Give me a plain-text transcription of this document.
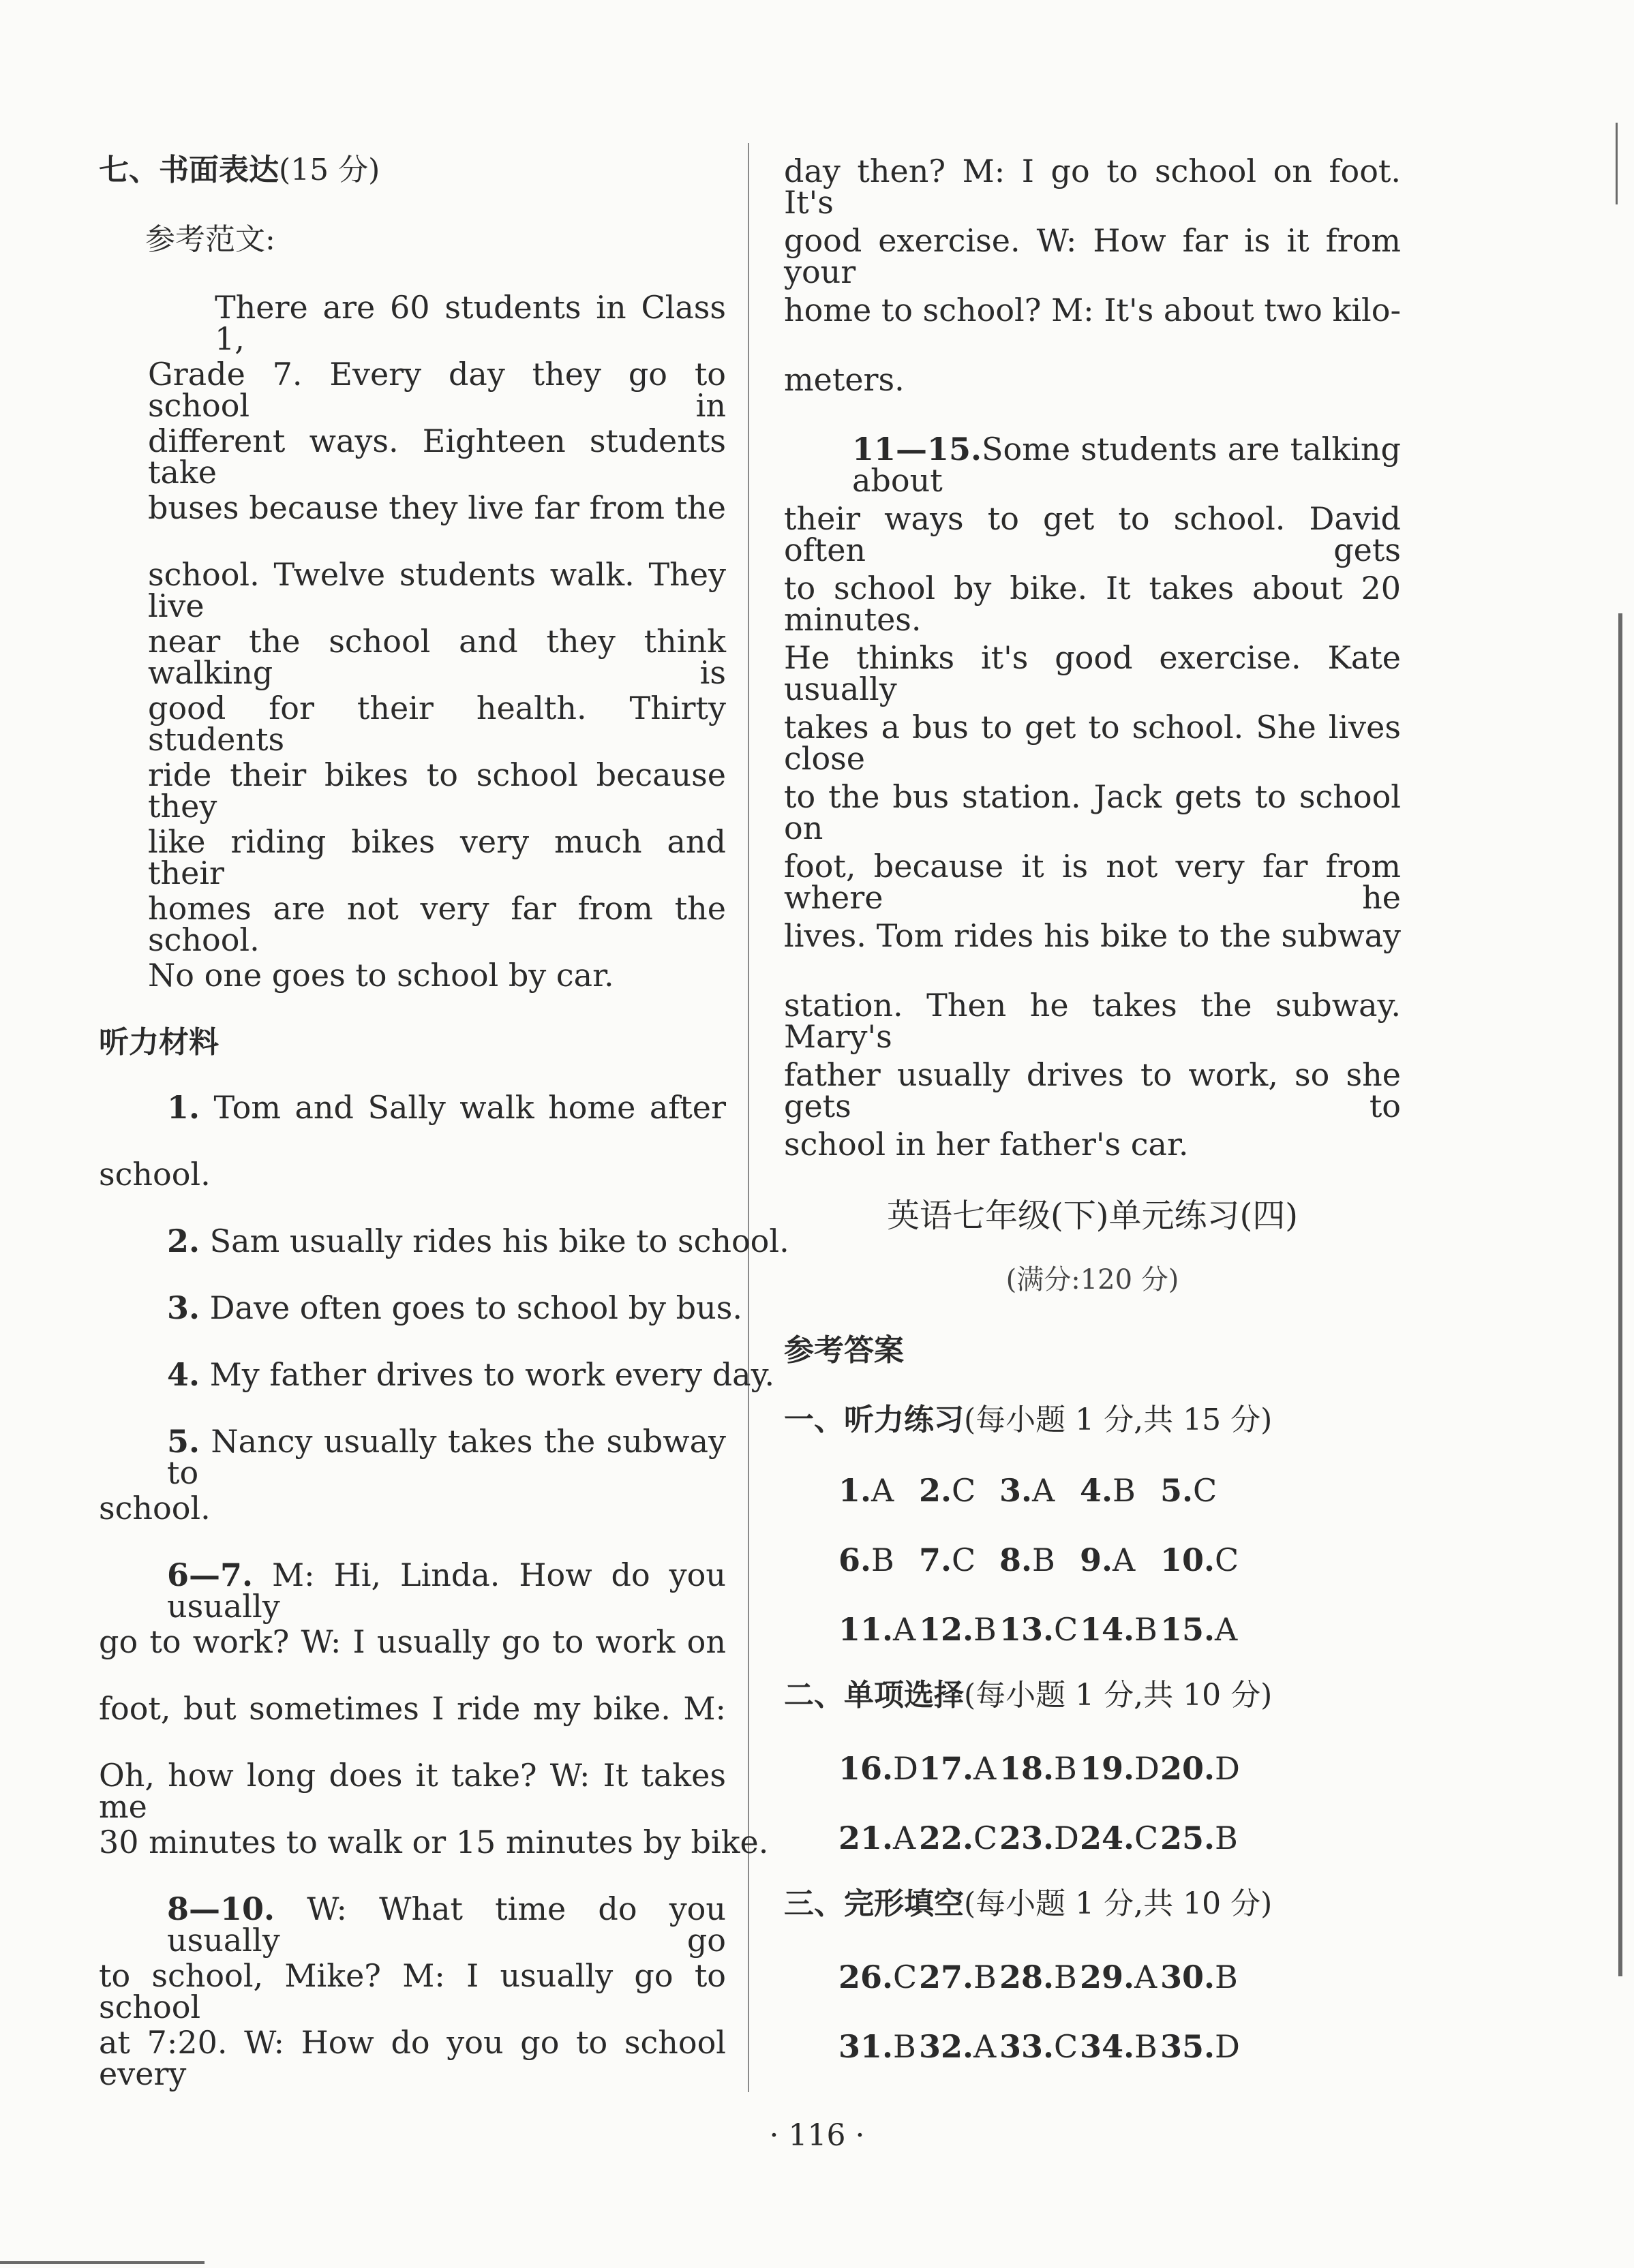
七、书面表达(15 分)
参考范文:
There are 60 students in Class 1,
Grade 7. Every day they go to school in
different ways. Eighteen students take
buses because they live far from the
school. Twelve students walk. They live
near the school and they think walking is
good for their health. Thirty students
ride their bikes to school because they
like riding bikes very much and their
homes are not very far from the school.
No one goes to school by car.
听力材料
1. Tom and Sally walk home after
school.
2. Sam usually rides his bike to school.
3. Dave often goes to school by bus.
4. My father drives to work every day.
5. Nancy usually takes the subway to
school.
6—7. M: Hi, Linda. How do you usually
go to work? W: I usually go to work on
foot, but sometimes I ride my bike. M:
Oh, how long does it take? W: It takes me
30 minutes to walk or 15 minutes by bike.
8—10. W: What time do you usually go
to school, Mike? M: I usually go to school
at 7:20. W: How do you go to school every
day then? M: I go to school on foot. It's
good exercise. W: How far is it from your
home to school? M: It's about two kilo-
meters.
11—15.Some students are talking about
their ways to get to school. David often gets
to school by bike. It takes about 20 minutes.
He thinks it's good exercise. Kate usually
takes a bus to get to school. She lives close
to the bus station. Jack gets to school on
foot, because it is not very far from where he
lives. Tom rides his bike to the subway
station. Then he takes the subway. Mary's
father usually drives to work, so she gets to
school in her father's car.
英语七年级(下)单元练习(四)
(满分:120 分)
参考答案
一、听力练习(每小题 1 分,共 15 分)
1.A 2.C 3.A 4.B 5.C
6.B 7.C 8.B 9.A 10.C
11.A 12.B13.C14.B15.A
二、单项选择(每小题 1 分,共 10 分)
16.D17.A 18.B19.D20.D
21.A 22.C23.D24.C25.B
三、完形填空(每小题 1 分,共 10 分)
26.C27.B28.B29.A 30.B
31.B32.A 33.C34.B35.D
· 116 ·
